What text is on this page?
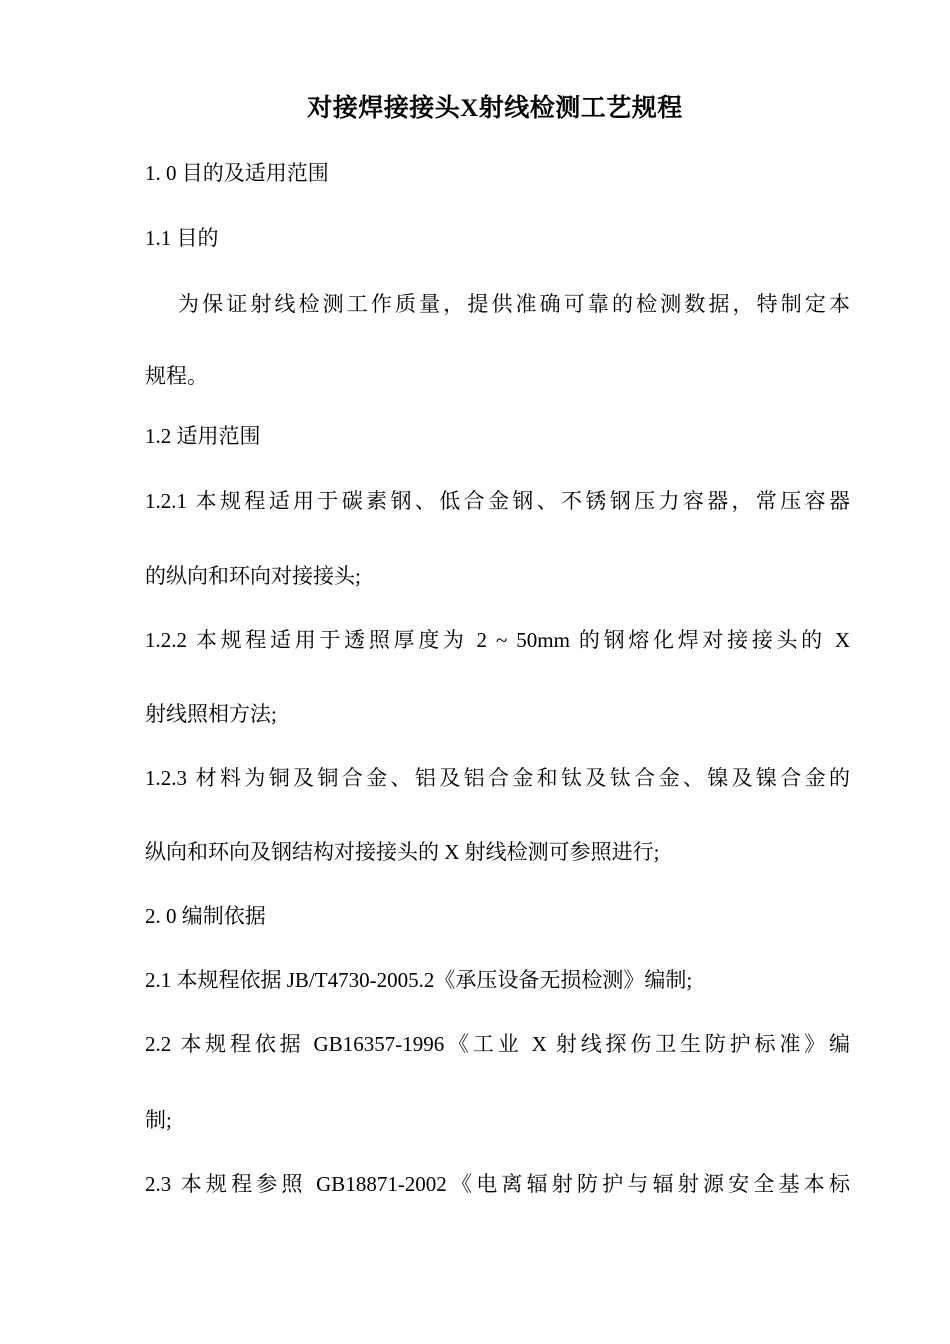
对接焊接接头X射线检测工艺规程
1. 0 目的及适用范围
1.1 目的
为保证射线检测工作质量，提供准确可靠的检测数据，特制定本
规程。
1.2 适用范围
1.2.1 本规程适用于碳素钢、低合金钢、不锈钢压力容器，常压容器
的纵向和环向对接接头;
1.2.2 本规程适用于透照厚度为 2 ~ 50mm 的钢熔化焊对接接头的 X
射线照相方法;
1.2.3 材料为铜及铜合金、铝及铝合金和钛及钛合金、镍及镍合金的
纵向和环向及钢结构对接接头的 X 射线检测可参照进行;
2. 0 编制依据
2.1 本规程依据 JB/T4730-2005.2《承压设备无损检测》编制;
2.2 本规程依据 GB16357-1996《工业 X 射线探伤卫生防护标准》编
制;
2.3 本规程参照 GB18871-2002《电离辐射防护与辐射源安全基本标
